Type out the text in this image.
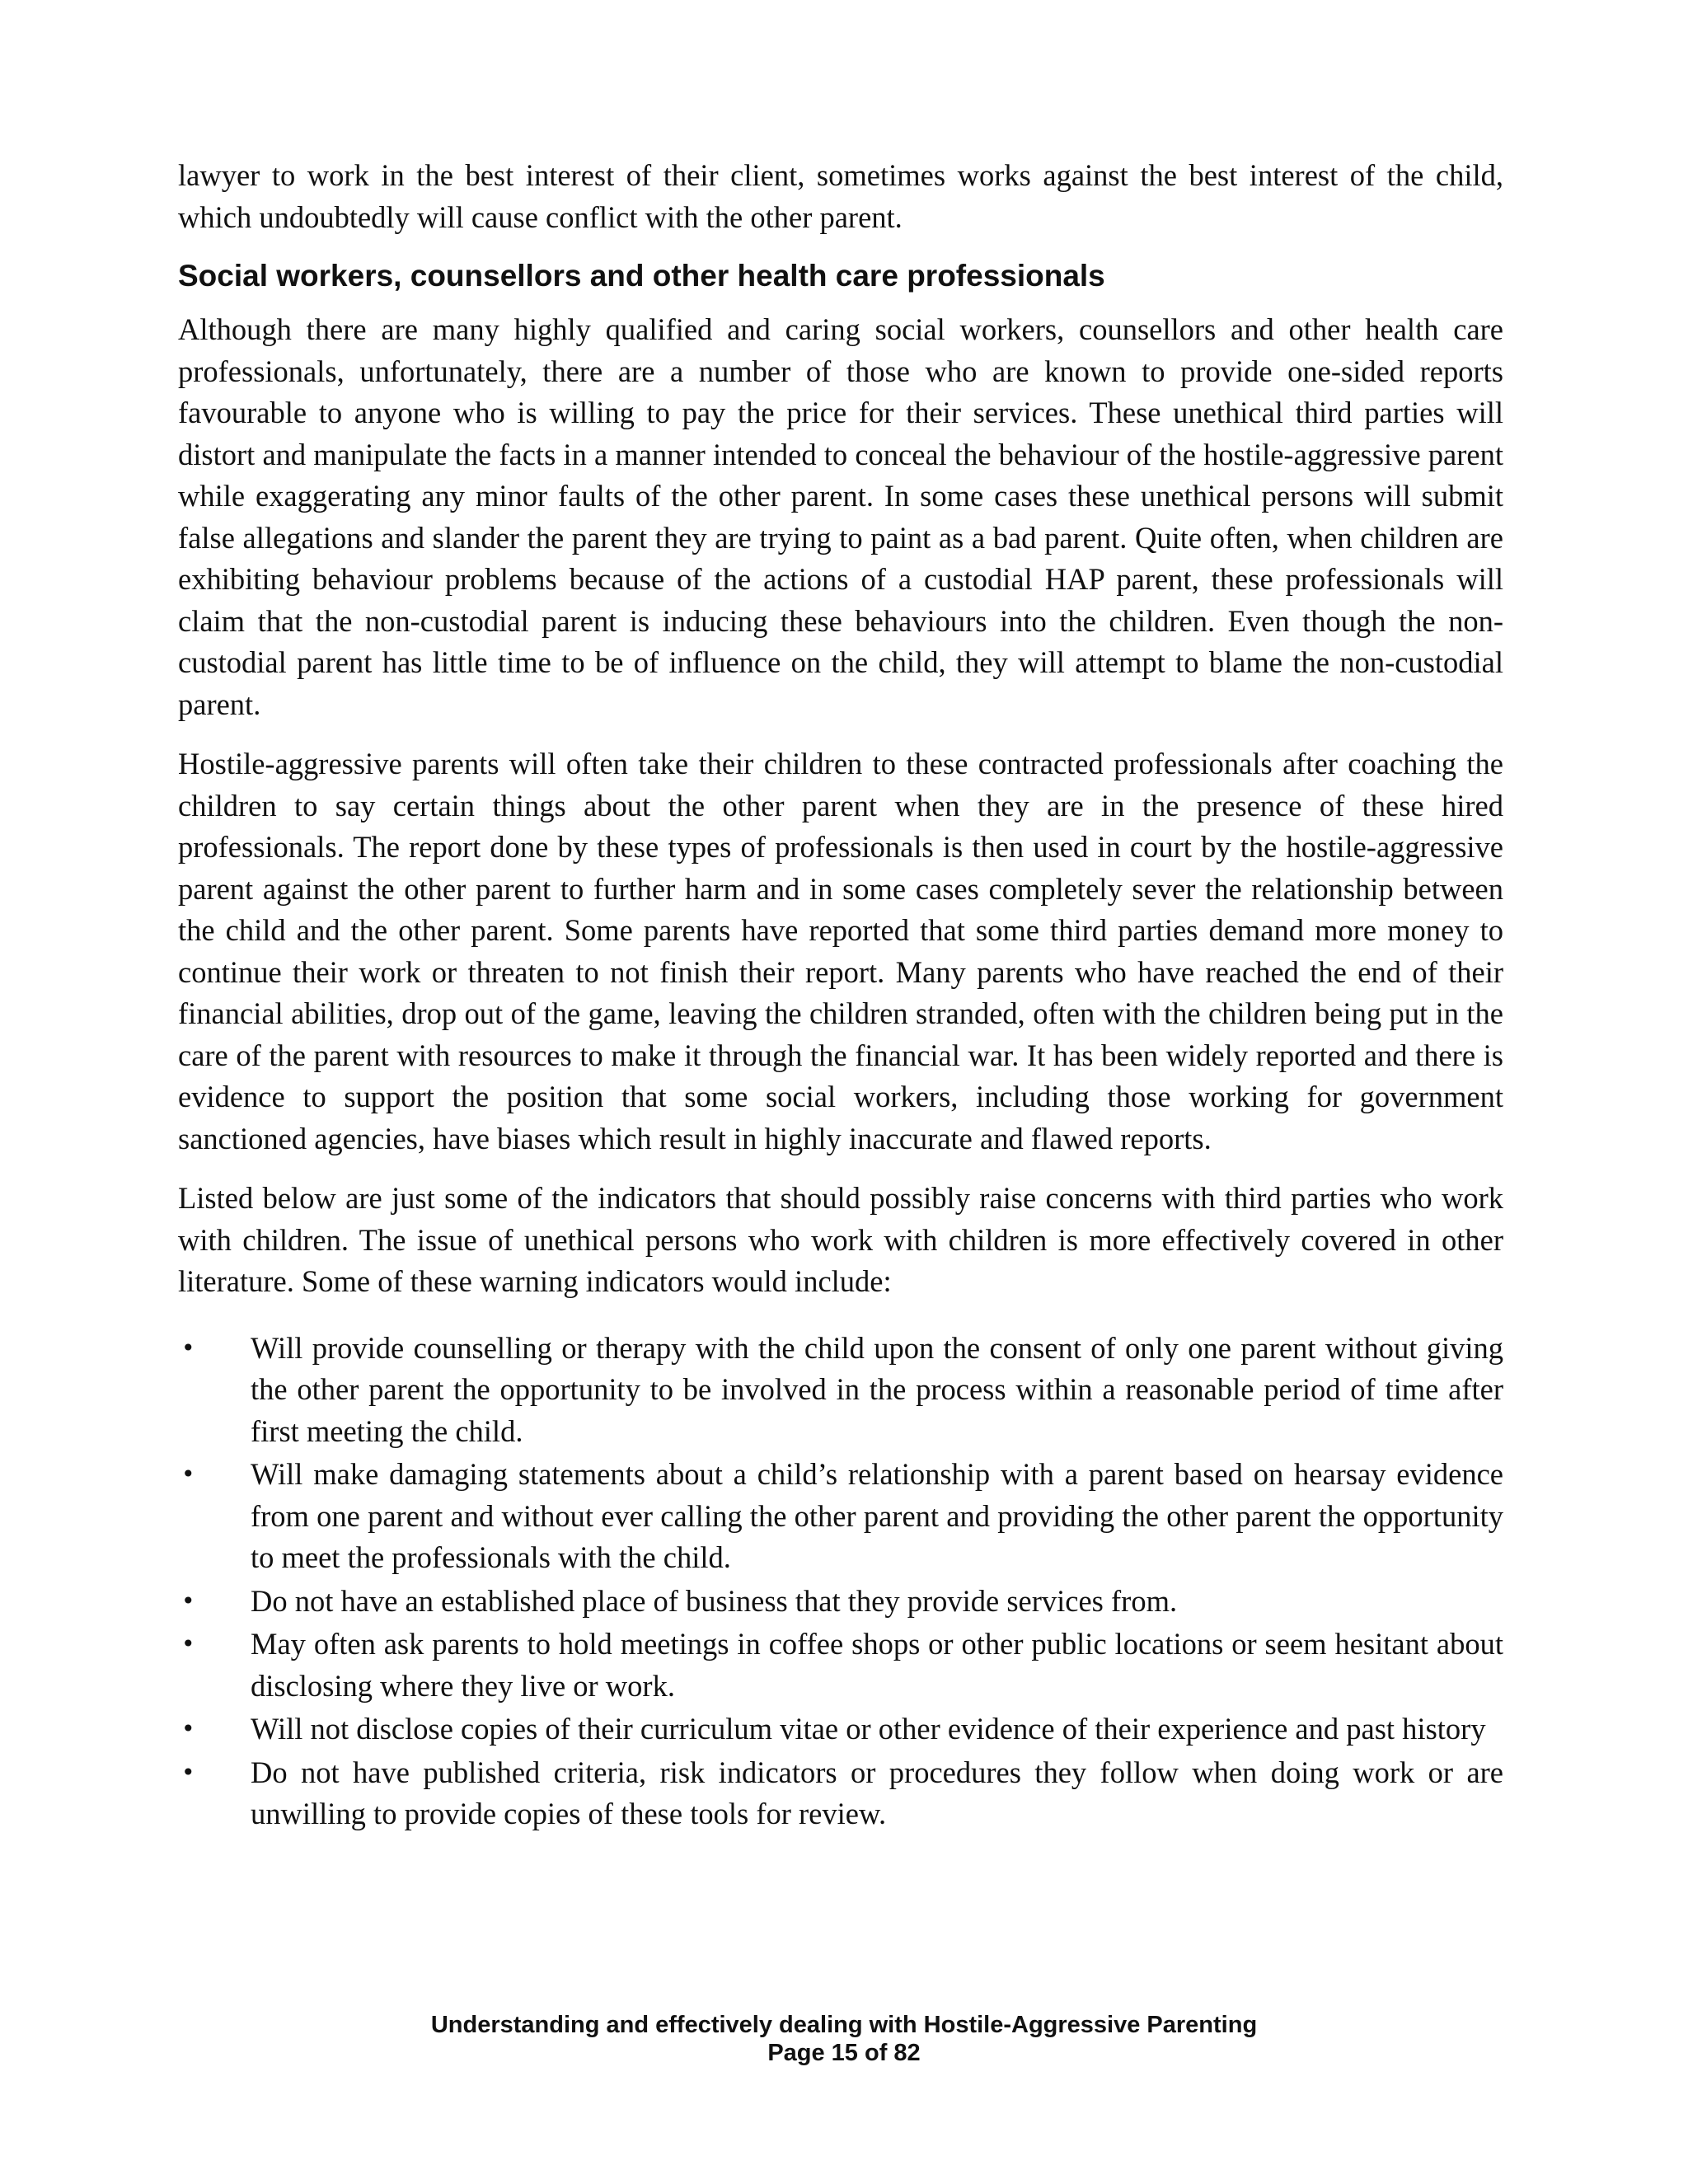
lawyer to work in the best interest of their client, sometimes works against the best interest of the child, which undoubtedly will cause conflict with the other parent.

Social workers, counsellors and other health care professionals

Although there are many highly qualified and caring social workers, counsellors and other health care professionals, unfortunately, there are a number of those who are known to provide one-sided reports favourable to anyone who is willing to pay the price for their services. These unethical third parties will distort and manipulate the facts in a manner intended to conceal the behaviour of the hostile-aggressive parent while exaggerating any minor faults of the other parent. In some cases these unethical persons will submit false allegations and slander the parent they are trying to paint as a bad parent. Quite often, when children are exhibiting behaviour problems because of the actions of a custodial HAP parent, these professionals will claim that the non-custodial parent is inducing these behaviours into the children. Even though the non-custodial parent has little time to be of influence on the child, they will attempt to blame the non-custodial parent.

Hostile-aggressive parents will often take their children to these contracted professionals after coaching the children to say certain things about the other parent when they are in the presence of these hired professionals. The report done by these types of professionals is then used in court by the hostile-aggressive parent against the other parent to further harm and in some cases completely sever the relationship between the child and the other parent. Some parents have reported that some third parties demand more money to continue their work or threaten to not finish their report. Many parents who have reached the end of their financial abilities, drop out of the game, leaving the children stranded, often with the children being put in the care of the parent with resources to make it through the financial war. It has been widely reported and there is evidence to support the position that some social workers, including those working for government sanctioned agencies, have biases which result in highly inaccurate and flawed reports.

Listed below are just some of the indicators that should possibly raise concerns with third parties who work with children. The issue of unethical persons who work with children is more effectively covered in other literature. Some of these warning indicators would include:

• Will provide counselling or therapy with the child upon the consent of only one parent without giving the other parent the opportunity to be involved in the process within a reasonable period of time after first meeting the child.
• Will make damaging statements about a child’s relationship with a parent based on hearsay evidence from one parent and without ever calling the other parent and providing the other parent the opportunity to meet the professionals with the child.
• Do not have an established place of business that they provide services from.
• May often ask parents to hold meetings in coffee shops or other public locations or seem hesitant about disclosing where they live or work.
• Will not disclose copies of their curriculum vitae or other evidence of their experience and past history
• Do not have published criteria, risk indicators or procedures they follow when doing work or are unwilling to provide copies of these tools for review.
Understanding and effectively dealing with Hostile-Aggressive Parenting
Page 15 of 82
